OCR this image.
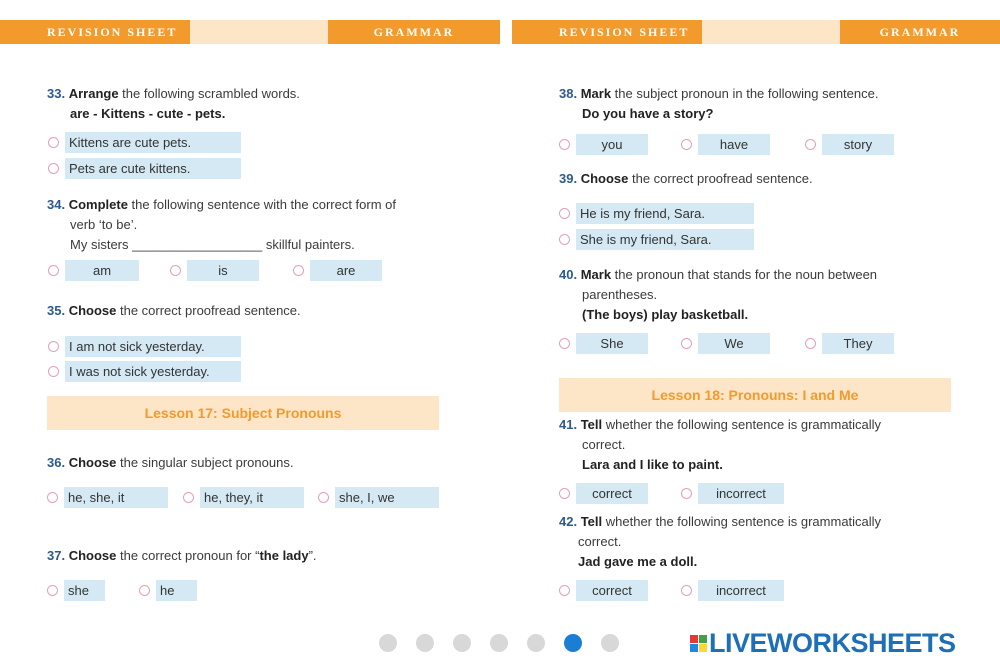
REVISION SHEET	GRAMMAR	REVISION SHEET	GRAMMAR
33. Arrange the following scrambled words.
are - Kittens - cute - pets.
Kittens are cute pets.
Pets are cute kittens.
34. Complete the following sentence with the correct form of
verb ‘to be’.
My sisters __________________ skillful painters.
am	is	are
35. Choose the correct proofread sentence.
I am not sick yesterday.
I was not sick yesterday.
Lesson 17: Subject Pronouns
36. Choose the singular subject pronouns.
he, she, it	he, they, it	she, I, we
37. Choose the correct pronoun for “the lady”.
she	he
38. Mark the subject pronoun in the following sentence.
Do you have a story?
you	have	story
39. Choose the correct proofread sentence.
He is my friend, Sara.
She is my friend, Sara.
40. Mark the pronoun that stands for the noun between
parentheses.
(The boys) play basketball.
She	We	They
Lesson 18: Pronouns: I and Me
41. Tell whether the following sentence is grammatically
correct.
Lara and I like to paint.
correct	incorrect
42. Tell whether the following sentence is grammatically
correct.
Jad gave me a doll.
correct	incorrect
LIVEWORKSHEETS
